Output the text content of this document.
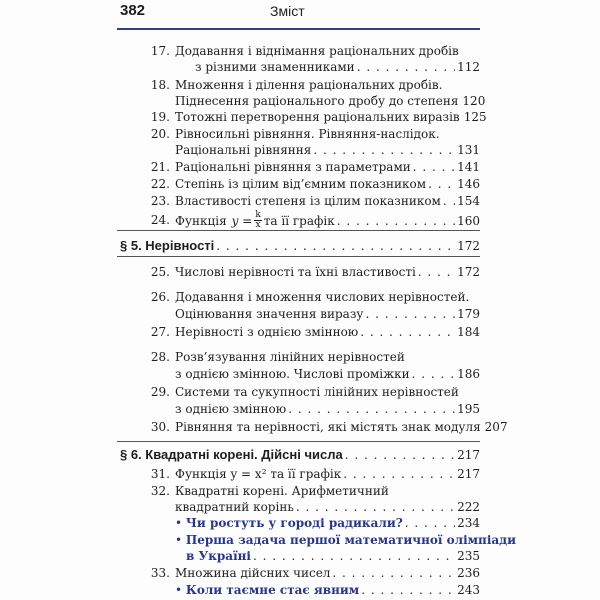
382	Зміст
17. Додавання і віднімання раціональних дробів
з різними знаменниками . . .	112
18. Множення і ділення раціональних дробів.
Піднесення раціонального дробу до степеня 120
19. Тотожні перетворення раціональних виразів 125
20. Рівносильні рівняння. Рівняння-наслідок.
Раціональні рівняння . . .	131
21. Раціональні рівняння з параметрами . . .	141
22. Степінь із цілим від’ємним показником . . .	146
23. Властивості степеня із цілим показником . . . 154
24. Функція $y = \frac{k}{x}$ та її графік . . .	160
§ 5. Нерівності . . .	172
25. Числові нерівності та їхні властивості . . .	172
26. Додавання і множення числових нерівностей.
Оцінювання значення виразу . . .	179
27. Нерівності з однією змінною . . .	184
28. Розв’язування лінійних нерівностей
з однією змінною. Числові проміжки . . .	186
29. Системи та сукупності лінійних нерівностей
з однією змінною . . .	195
30. Рівняння та нерівності, які містять знак модуля 207
§ 6. Квадратні корені. Дійсні числа . . .	217
31. Функція y = x² та її графік . . .	217
32. Квадратні корені. Арифметичний
квадратний корінь . . .	222
•
Чи ростуть у городі радикали? . . .	234
•
Перша задача першої математичної олімпіади
в Україні . . .	235
33. Множина дійсних чисел . . .	236
•
Коли таємне стає явним . . .	243
